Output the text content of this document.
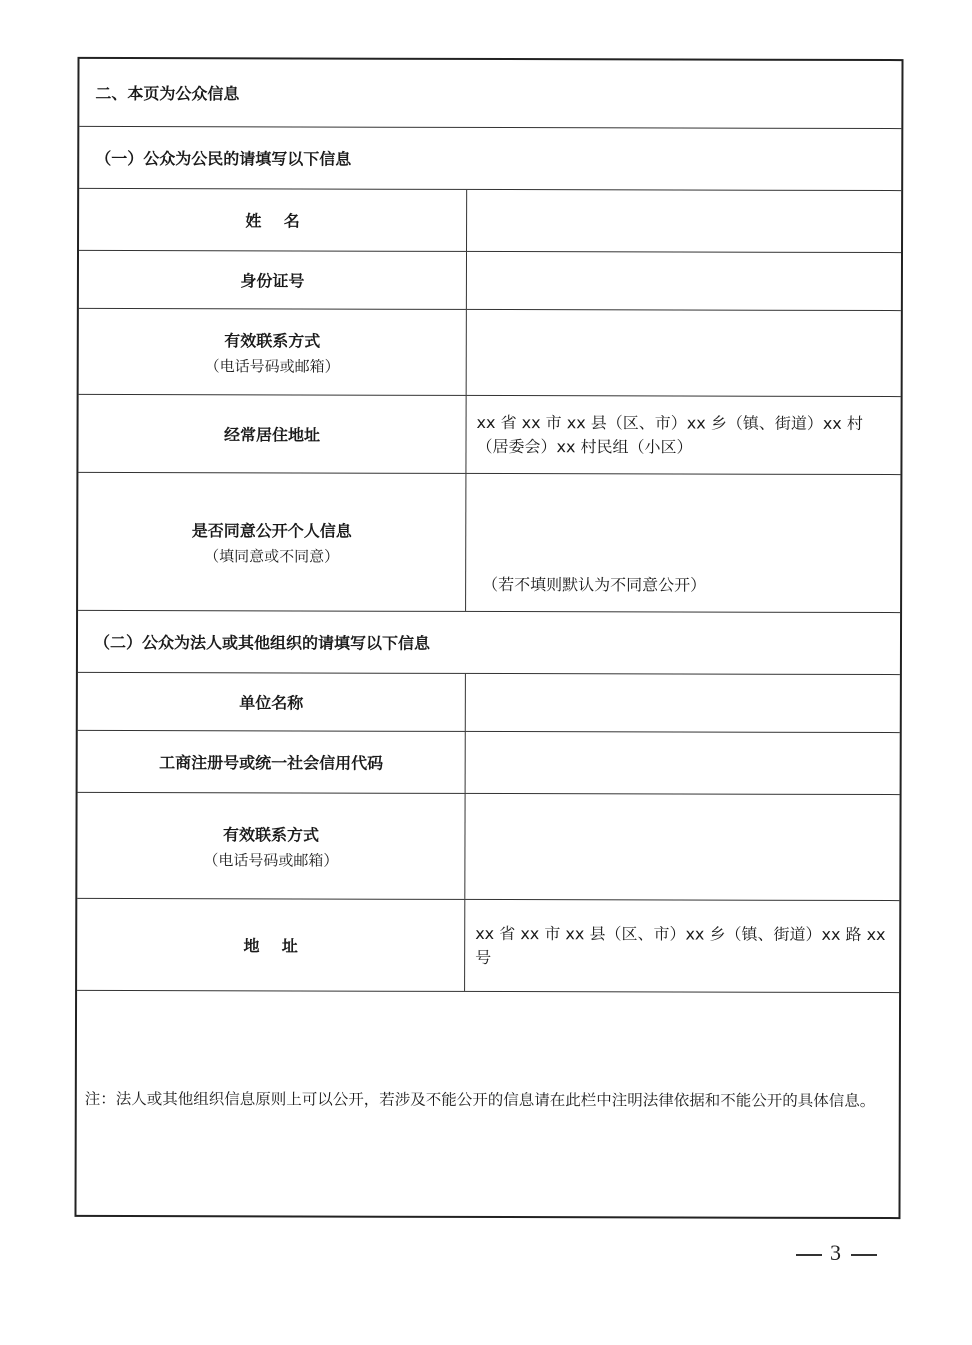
二、本页为公众信息
（一）公众为公民的请填写以下信息
姓    名
身份证号
有效联系方式
（电话号码或邮箱）
经常居住地址
xx 省 xx 市 xx 县（区、市）xx 乡（镇、街道）xx 村（居委会）xx 村民组（小区）
是否同意公开个人信息
（填同意或不同意）
（若不填则默认为不同意公开）
（二）公众为法人或其他组织的请填写以下信息
单位名称
工商注册号或统一社会信用代码
有效联系方式
（电话号码或邮箱）
地    址
xx 省 xx 市 xx 县（区、市）xx 乡（镇、街道）xx 路 xx 号
注：法人或其他组织信息原则上可以公开，若涉及不能公开的信息请在此栏中注明法律依据和不能公开的具体信息。
3
